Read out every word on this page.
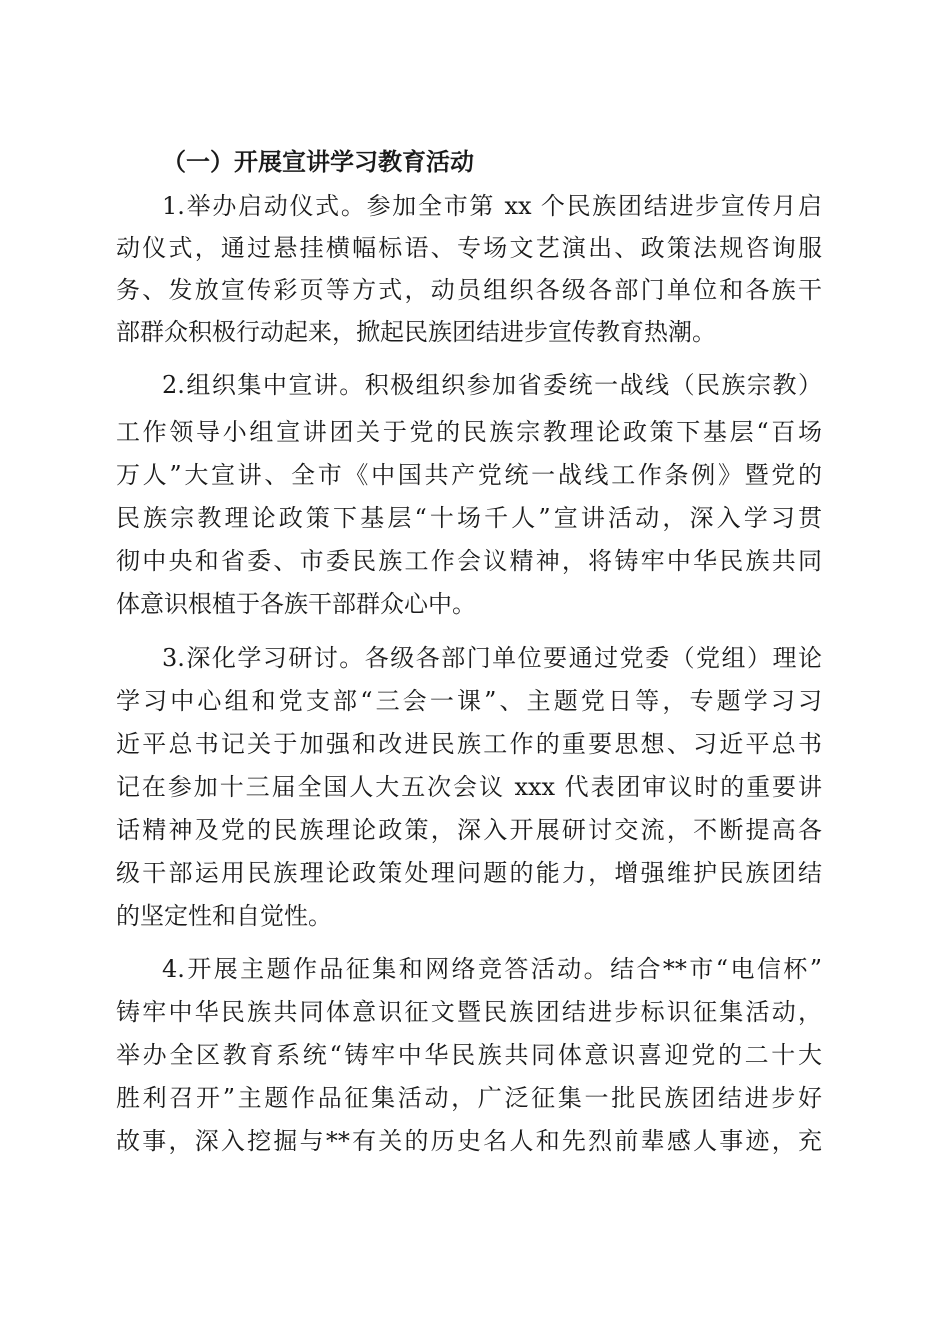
（一）开展宣讲学习教育活动
1.举办启动仪式。参加全市第 xx 个民族团结进步宣传月启
动仪式，通过悬挂横幅标语、专场文艺演出、政策法规咨询服
务、发放宣传彩页等方式，动员组织各级各部门单位和各族干
部群众积极行动起来，掀起民族团结进步宣传教育热潮。
2.组织集中宣讲。积极组织参加省委统一战线（民族宗教）
工作领导小组宣讲团关于党的民族宗教理论政策下基层“百场
万人”大宣讲、全市《中国共产党统一战线工作条例》暨党的
民族宗教理论政策下基层“十场千人”宣讲活动，深入学习贯
彻中央和省委、市委民族工作会议精神，将铸牢中华民族共同
体意识根植于各族干部群众心中。
3.深化学习研讨。各级各部门单位要通过党委（党组）理论
学习中心组和党支部“三会一课”、主题党日等，专题学习习
近平总书记关于加强和改进民族工作的重要思想、习近平总书
记在参加十三届全国人大五次会议 xxx 代表团审议时的重要讲
话精神及党的民族理论政策，深入开展研讨交流，不断提高各
级干部运用民族理论政策处理问题的能力，增强维护民族团结
的坚定性和自觉性。
4.开展主题作品征集和网络竞答活动。结合**市“电信杯”
铸牢中华民族共同体意识征文暨民族团结进步标识征集活动，
举办全区教育系统“铸牢中华民族共同体意识喜迎党的二十大
胜利召开”主题作品征集活动，广泛征集一批民族团结进步好
故事，深入挖掘与**有关的历史名人和先烈前辈感人事迹，充
